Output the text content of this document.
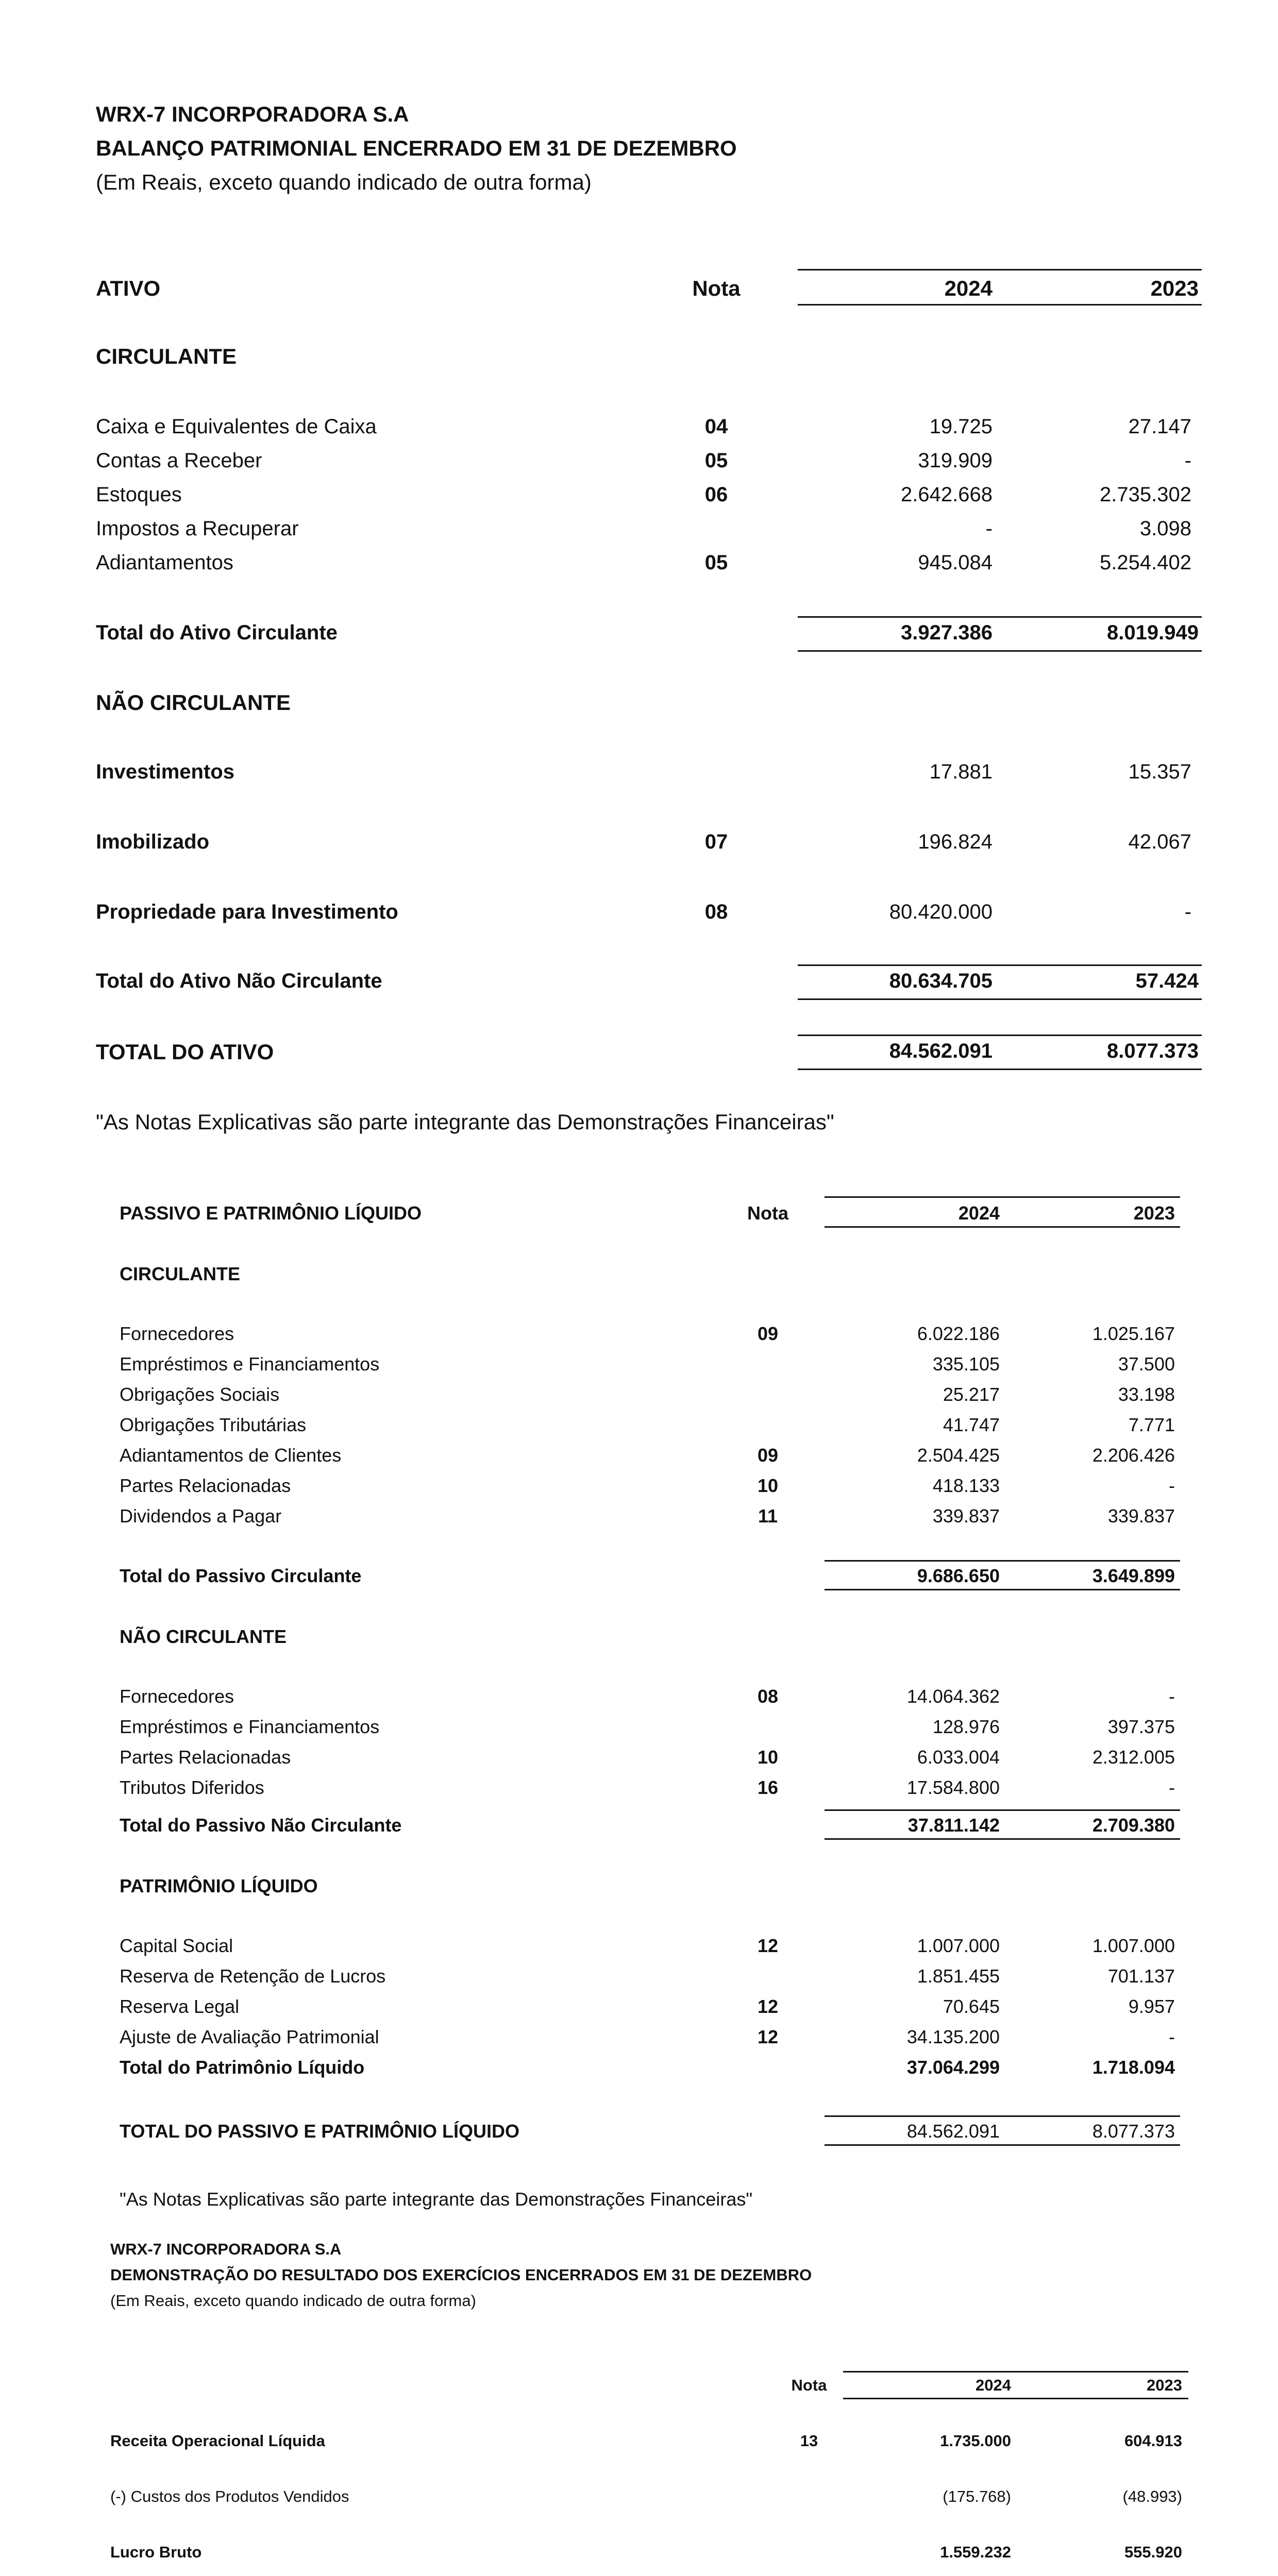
WRX-7 INCORPORADORA S.A
BALANÇO PATRIMONIAL ENCERRADO EM 31 DE DEZEMBRO
(Em Reais, exceto quando indicado de outra forma)
ATIVO	Nota	2024	2023
CIRCULANTE
Caixa e Equivalentes de Caixa	04	19.725	27.147
Contas a Receber	05	319.909	-
Estoques	06	2.642.668	2.735.302
Impostos a Recuperar	-	3.098
Adiantamentos	05	945.084	5.254.402
Total do Ativo Circulante	3.927.386	8.019.949
NÃO CIRCULANTE
Investimentos	17.881	15.357
Imobilizado	07	196.824	42.067
Propriedade para Investimento	08	80.420.000	-
Total do Ativo Não Circulante	80.634.705	57.424
TOTAL DO ATIVO	84.562.091	8.077.373
"As Notas Explicativas são parte integrante das Demonstrações Financeiras"
PASSIVO E PATRIMÔNIO LÍQUIDO	Nota	2024	2023
CIRCULANTE
Fornecedores	09	6.022.186	1.025.167
Empréstimos e Financiamentos	335.105	37.500
Obrigações Sociais	25.217	33.198
Obrigações Tributárias	41.747	7.771
Adiantamentos de Clientes	09	2.504.425	2.206.426
Partes Relacionadas	10	418.133	-
Dividendos a Pagar	11	339.837	339.837
Total do Passivo Circulante	9.686.650	3.649.899
NÃO CIRCULANTE
Fornecedores	08	14.064.362	-
Empréstimos e Financiamentos	128.976	397.375
Partes Relacionadas	10	6.033.004	2.312.005
Tributos Diferidos	16	17.584.800	-
Total do Passivo Não Circulante	37.811.142	2.709.380
PATRIMÔNIO LÍQUIDO
Capital Social	12	1.007.000	1.007.000
Reserva de Retenção de Lucros	1.851.455	701.137
Reserva Legal	12	70.645	9.957
Ajuste de Avaliação Patrimonial	12	34.135.200	-
Total do Patrimônio Líquido	37.064.299	1.718.094
TOTAL DO PASSIVO E PATRIMÔNIO LÍQUIDO	84.562.091	8.077.373
"As Notas Explicativas são parte integrante das Demonstrações Financeiras"
WRX-7 INCORPORADORA S.A
DEMONSTRAÇÃO DO RESULTADO DOS EXERCÍCIOS ENCERRADOS EM 31 DE DEZEMBRO
(Em Reais, exceto quando indicado de outra forma)
Nota	2024	2023
Receita Operacional Líquida	13	1.735.000	604.913
(-) Custos dos Produtos Vendidos	(175.768)	(48.993)
Lucro Bruto	1.559.232	555.920
